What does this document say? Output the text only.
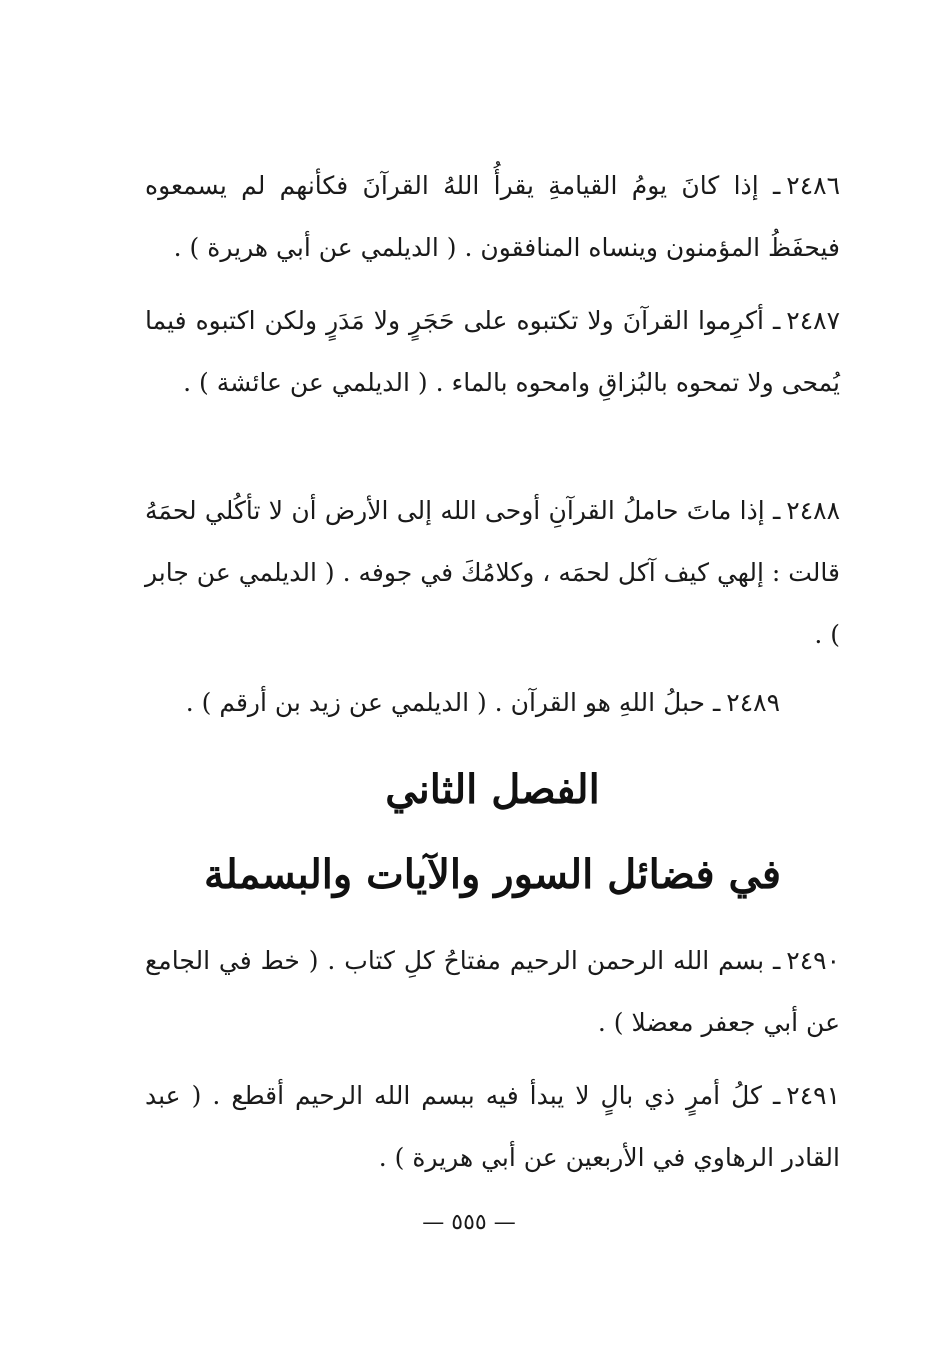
٢٤٨٦ـ إذا كانَ يومُ القيامةِ يقرأُ اللهُ القرآنَ فكأنهم لم يسمعوه فيحفَظُ المؤمنون وينساه المنافقون . ( الديلمي عن أبي هريرة ) .
٢٤٨٧ـ أكرِموا القرآنَ ولا تكتبوه على حَجَرٍ ولا مَدَرٍ ولكن اكتبوه فيما يُمحى ولا تمحوه بالبُزاقِ وامحوه بالماء . ( الديلمي عن عائشة ) .
٢٤٨٨ـ إذا ماتَ حاملُ القرآنِ أوحى الله إلى الأرض أن لا تأكُلي لحمَهُ قالت : إلهي كيف آكل لحمَه ، وكلامُكَ في جوفه . ( الديلمي عن جابر ) .
٢٤٨٩ـ حبلُ اللهِ هو القرآن . ( الديلمي عن زيد بن أرقم ) .
الفصل الثاني
في فضائل السور والآيات والبسملة
٢٤٩٠ـ بسم الله الرحمن الرحيم مفتاحُ كلِ كتاب . ( خط في الجامع عن أبي جعفر معضلا ) .
٢٤٩١ـ كلُ أمرٍ ذي بالٍ لا يبدأ فيه ببسم الله الرحيم أقطع . ( عبد القادر الرهاوي في الأربعين عن أبي هريرة ) .
— ٥٥٥ —
